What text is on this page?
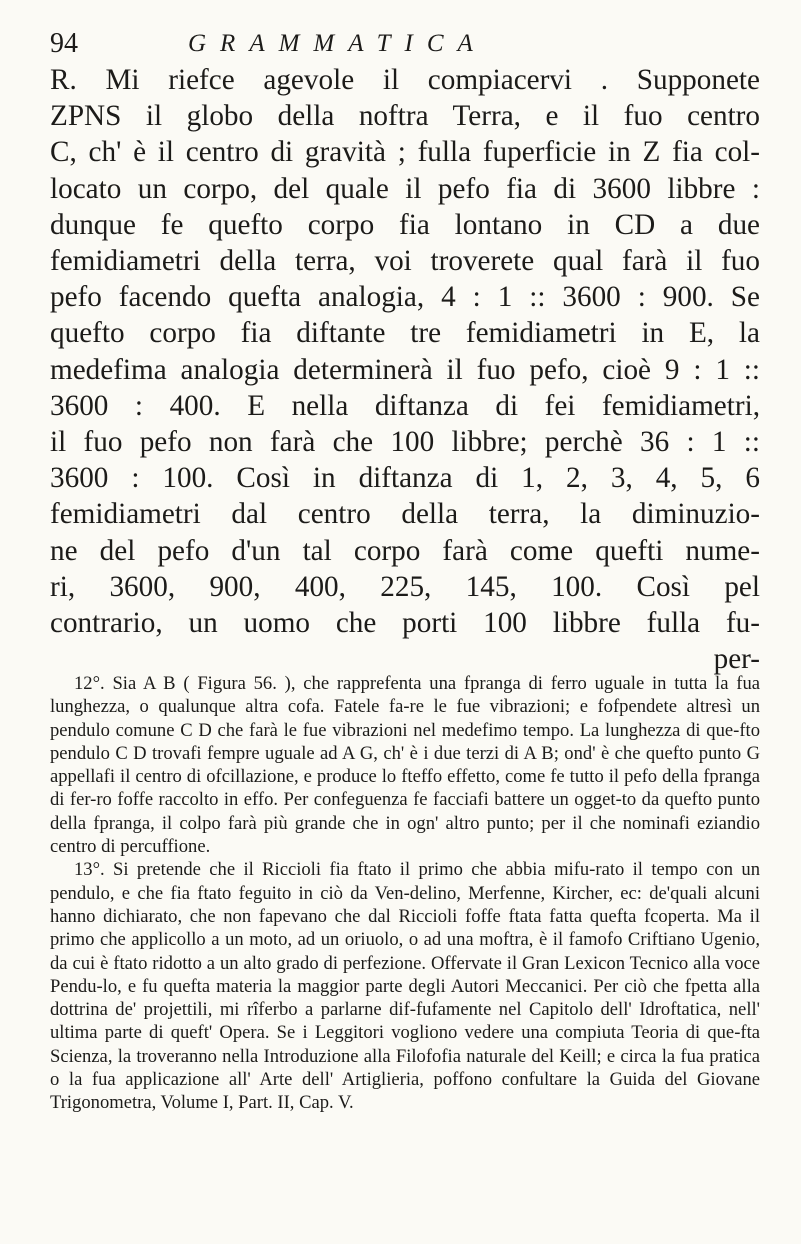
94	GRAMMATICA
R. Mi riefce agevole il compiacervi . Supponete
ZPNS il globo della noftra Terra, e il fuo centro
C, ch' è il centro di gravità ; fulla fuperficie in Z fia col-
locato un corpo, del quale il pefo fia di 3600 libbre :
dunque fe quefto corpo fia lontano in CD a due
femidiametri della terra, voi troverete qual farà il fuo
pefo facendo quefta analogia, 4 : 1 :: 3600 : 900. Se
quefto corpo fia diftante tre femidiametri in E, la
medefima analogia determinerà il fuo pefo, cioè 9 : 1 ::
3600 : 400. E nella diftanza di fei femidiametri,
il fuo pefo non farà che 100 libbre; perchè 36 : 1 ::
3600 : 100. Così in diftanza di 1, 2, 3, 4, 5, 6
femidiametri dal centro della terra, la diminuzio-
ne del pefo d'un tal corpo farà come quefti nume-
ri, 3600, 900, 400, 225, 145, 100. Così pel
contrario, un uomo che porti 100 libbre fulla fu-
per-

12°. Sia A B ( Figura 56. ), che rapprefenta una fpranga di ferro uguale in tutta la fua lunghezza, o qualunque altra cofa. Fatele fa-re le fue vibrazioni; e fofpendete altresì un pendulo comune C D che farà le fue vibrazioni nel medefimo tempo. La lunghezza di que-fto pendulo C D trovafi fempre uguale ad A G, ch' è i due terzi di A B; ond' è che quefto punto G appellafi il centro di ofcillazione, e produce lo fteffo effetto, come fe tutto il pefo della fpranga di fer-ro foffe raccolto in effo. Per confeguenza fe facciafi battere un ogget-to da quefto punto della fpranga, il colpo farà più grande che in ogn' altro punto; per il che nominafi eziandio centro di percuffione.

13°. Si pretende che il Riccioli fia ftato il primo che abbia mifu-rato il tempo con un pendulo, e che fia ftato feguito in ciò da Ven-delino, Merfenne, Kircher, ec: de'quali alcuni hanno dichiarato, che non fapevano che dal Riccioli foffe ftata fatta quefta fcoperta. Ma il primo che applicollo a un moto, ad un oriuolo, o ad una moftra, è il famofo Criftiano Ugenio, da cui è ftato ridotto a un alto grado di perfezione. Offervate il Gran Lexicon Tecnico alla voce Pendu-lo, e fu quefta materia la maggior parte degli Autori Meccanici. Per ciò che fpetta alla dottrina de' projettili, mi rîferbo a parlarne dif-fufamente nel Capitolo dell' Idroftatica, nell' ultima parte di queft' Opera. Se i Leggitori vogliono vedere una compiuta Teoria di que-fta Scienza, la troveranno nella Introduzione alla Filofofia naturale del Keill; e circa la fua pratica o la fua applicazione all' Arte dell' Artiglieria, poffono confultare la Guida del Giovane Trigonometra, Volume I, Part. II, Cap. V.
